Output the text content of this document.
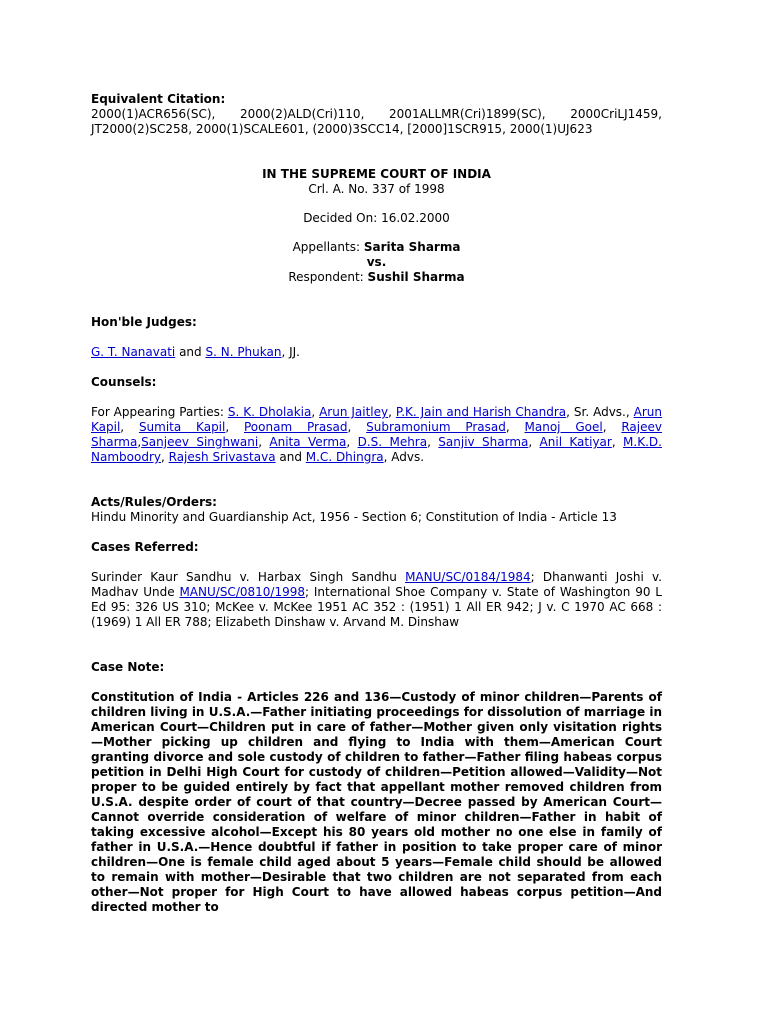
Equivalent Citation:

2000(1)ACR656(SC), 2000(2)ALD(Cri)110, 2001ALLMR(Cri)1899(SC), 2000CriLJ1459, JT2000(2)SC258, 2000(1)SCALE601, (2000)3SCC14, [2000]1SCR915, 2000(1)UJ623

IN THE SUPREME COURT OF INDIA

Crl. A. No. 337 of 1998

Decided On: 16.02.2000

Appellants: Sarita Sharma

vs.

Respondent: Sushil Sharma

Hon'ble Judges:

G. T. Nanavati and S. N. Phukan, JJ.

Counsels:

For Appearing Parties: S. K. Dholakia, Arun Jaitley, P.K. Jain and Harish Chandra, Sr. Advs., Arun Kapil, Sumita Kapil, Poonam Prasad, Subramonium Prasad, Manoj Goel, Rajeev Sharma,Sanjeev Singhwani, Anita Verma, D.S. Mehra, Sanjiv Sharma, Anil Katiyar, M.K.D. Namboodry, Rajesh Srivastava and M.C. Dhingra, Advs.

Acts/Rules/Orders:

Hindu Minority and Guardianship Act, 1956 - Section 6; Constitution of India - Article 13

Cases Referred:

Surinder Kaur Sandhu v. Harbax Singh Sandhu MANU/SC/0184/1984; Dhanwanti Joshi v. Madhav Unde MANU/SC/0810/1998; International Shoe Company v. State of Washington 90 L Ed 95: 326 US 310; McKee v. McKee 1951 AC 352 : (1951) 1 All ER 942; J v. C 1970 AC 668 : (1969) 1 All ER 788; Elizabeth Dinshaw v. Arvand M. Dinshaw

Case Note:

Constitution of India - Articles 226 and 136—Custody of minor children—Parents of children living in U.S.A.—Father initiating proceedings for dissolution of marriage in American Court—Children put in care of father—Mother given only visitation rights—Mother picking up children and flying to India with them—American Court granting divorce and sole custody of children to father—Father filing habeas corpus petition in Delhi High Court for custody of children—Petition allowed—Validity—Not proper to be guided entirely by fact that appellant mother removed children from U.S.A. despite order of court of that country—Decree passed by American Court—Cannot override consideration of welfare of minor children—Father in habit of taking excessive alcohol—Except his 80 years old mother no one else in family of father in U.S.A.—Hence doubtful if father in position to take proper care of minor children—One is female child aged about 5 years—Female child should be allowed to remain with mother—Desirable that two children are not separated from each other—Not proper for High Court to have allowed habeas corpus petition—And directed mother to
